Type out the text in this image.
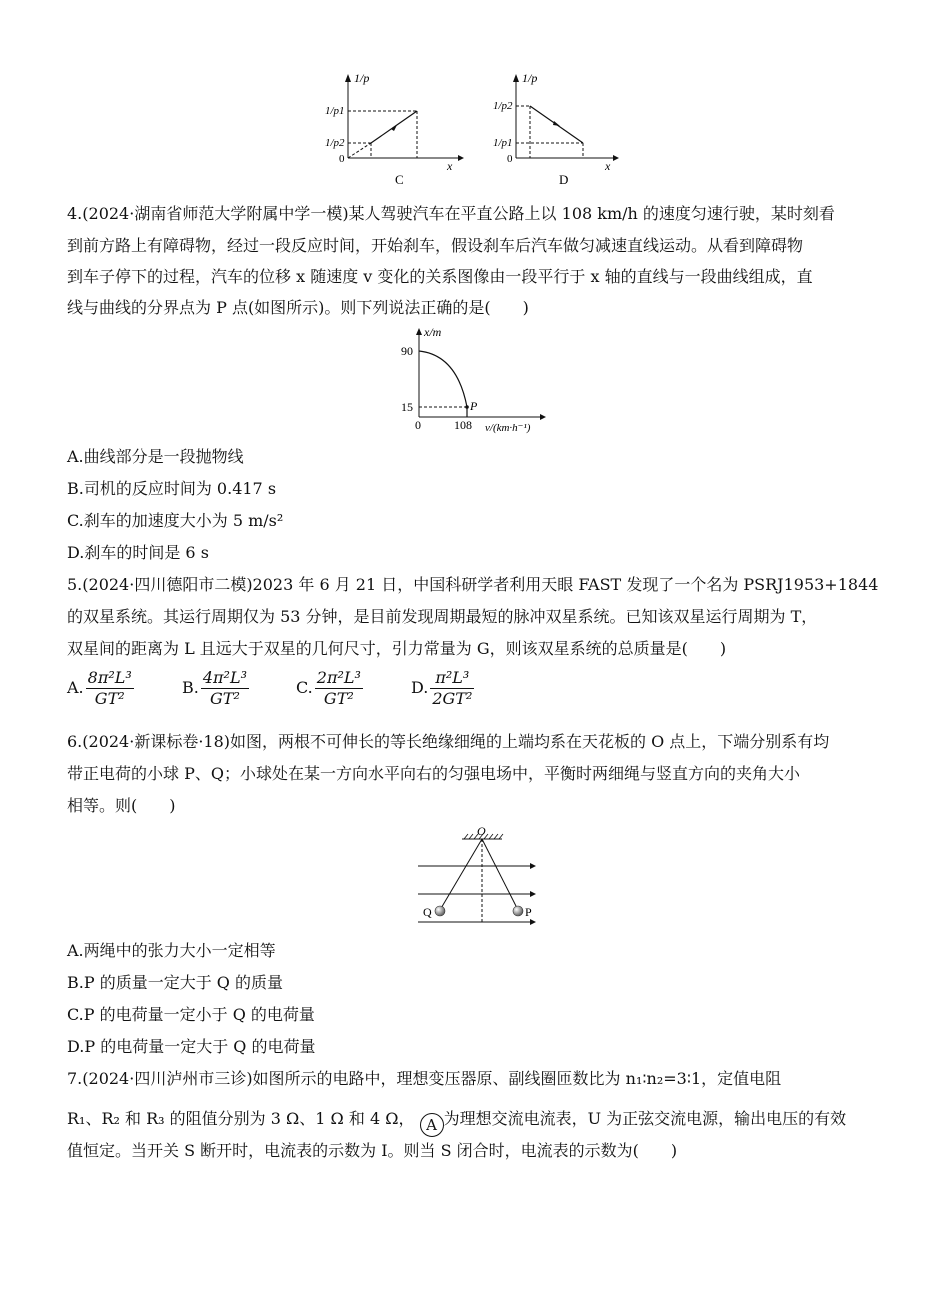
1/p
1/p1
1/p2
0	x
C
1/p
1/p2
1/p1
0	x
D
4.(2024·湖南省师范大学附属中学一模)某人驾驶汽车在平直公路上以 108 km/h 的速度匀速行驶，某时刻看
到前方路上有障碍物，经过一段反应时间，开始刹车，假设刹车后汽车做匀减速直线运动。从看到障碍物
到车子停下的过程，汽车的位移 x 随速度 v 变化的关系图像由一段平行于 x 轴的直线与一段曲线组成，直
线与曲线的分界点为 P 点(如图所示)。则下列说法正确的是(　　)
x/m
90
15
0	108 v/(km·h⁻¹)
P
A.曲线部分是一段抛物线
B.司机的反应时间为 0.417 s
C.刹车的加速度大小为 5 m/s²
D.刹车的时间是 6 s
5.(2024·四川德阳市二模)2023 年 6 月 21 日，中国科研学者利用天眼 FAST 发现了一个名为 PSRJ1953+1844
的双星系统。其运行周期仅为 53 分钟，是目前发现周期最短的脉冲双星系统。已知该双星运行周期为 T，
双星间的距离为 L 且远大于双星的几何尺寸，引力常量为 G，则该双星系统的总质量是(　　)
A. $\frac{\text{8π²L³}}{\text{GT²}}$	B. $\frac{\text{4π²L³}}{\text{GT²}}$	C. $\frac{\text{2π²L³}}{\text{GT²}}$	D. $\frac{\text{π²L³}}{\text{2GT²}}$
6.(2024·新课标卷·18)如图，两根不可伸长的等长绝缘细绳的上端均系在天花板的 O 点上，下端分别系有均
带正电荷的小球 P、Q；小球处在某一方向水平向右的匀强电场中，平衡时两细绳与竖直方向的夹角大小
相等。则(　　)
O
Q	P
A.两绳中的张力大小一定相等
B.P 的质量一定大于 Q 的质量
C.P 的电荷量一定小于 Q 的电荷量
D.P 的电荷量一定大于 Q 的电荷量
7.(2024·四川泸州市三诊)如图所示的电路中，理想变压器原、副线圈匝数比为 n₁∶n₂=3∶1，定值电阻
R₁、R₂ 和 R₃ 的阻值分别为 3 Ω、1 Ω 和 4 Ω， A 为理想交流电流表，U 为正弦交流电源，输出电压的有效
值恒定。当开关 S 断开时，电流表的示数为 I。则当 S 闭合时，电流表的示数为(　　)
